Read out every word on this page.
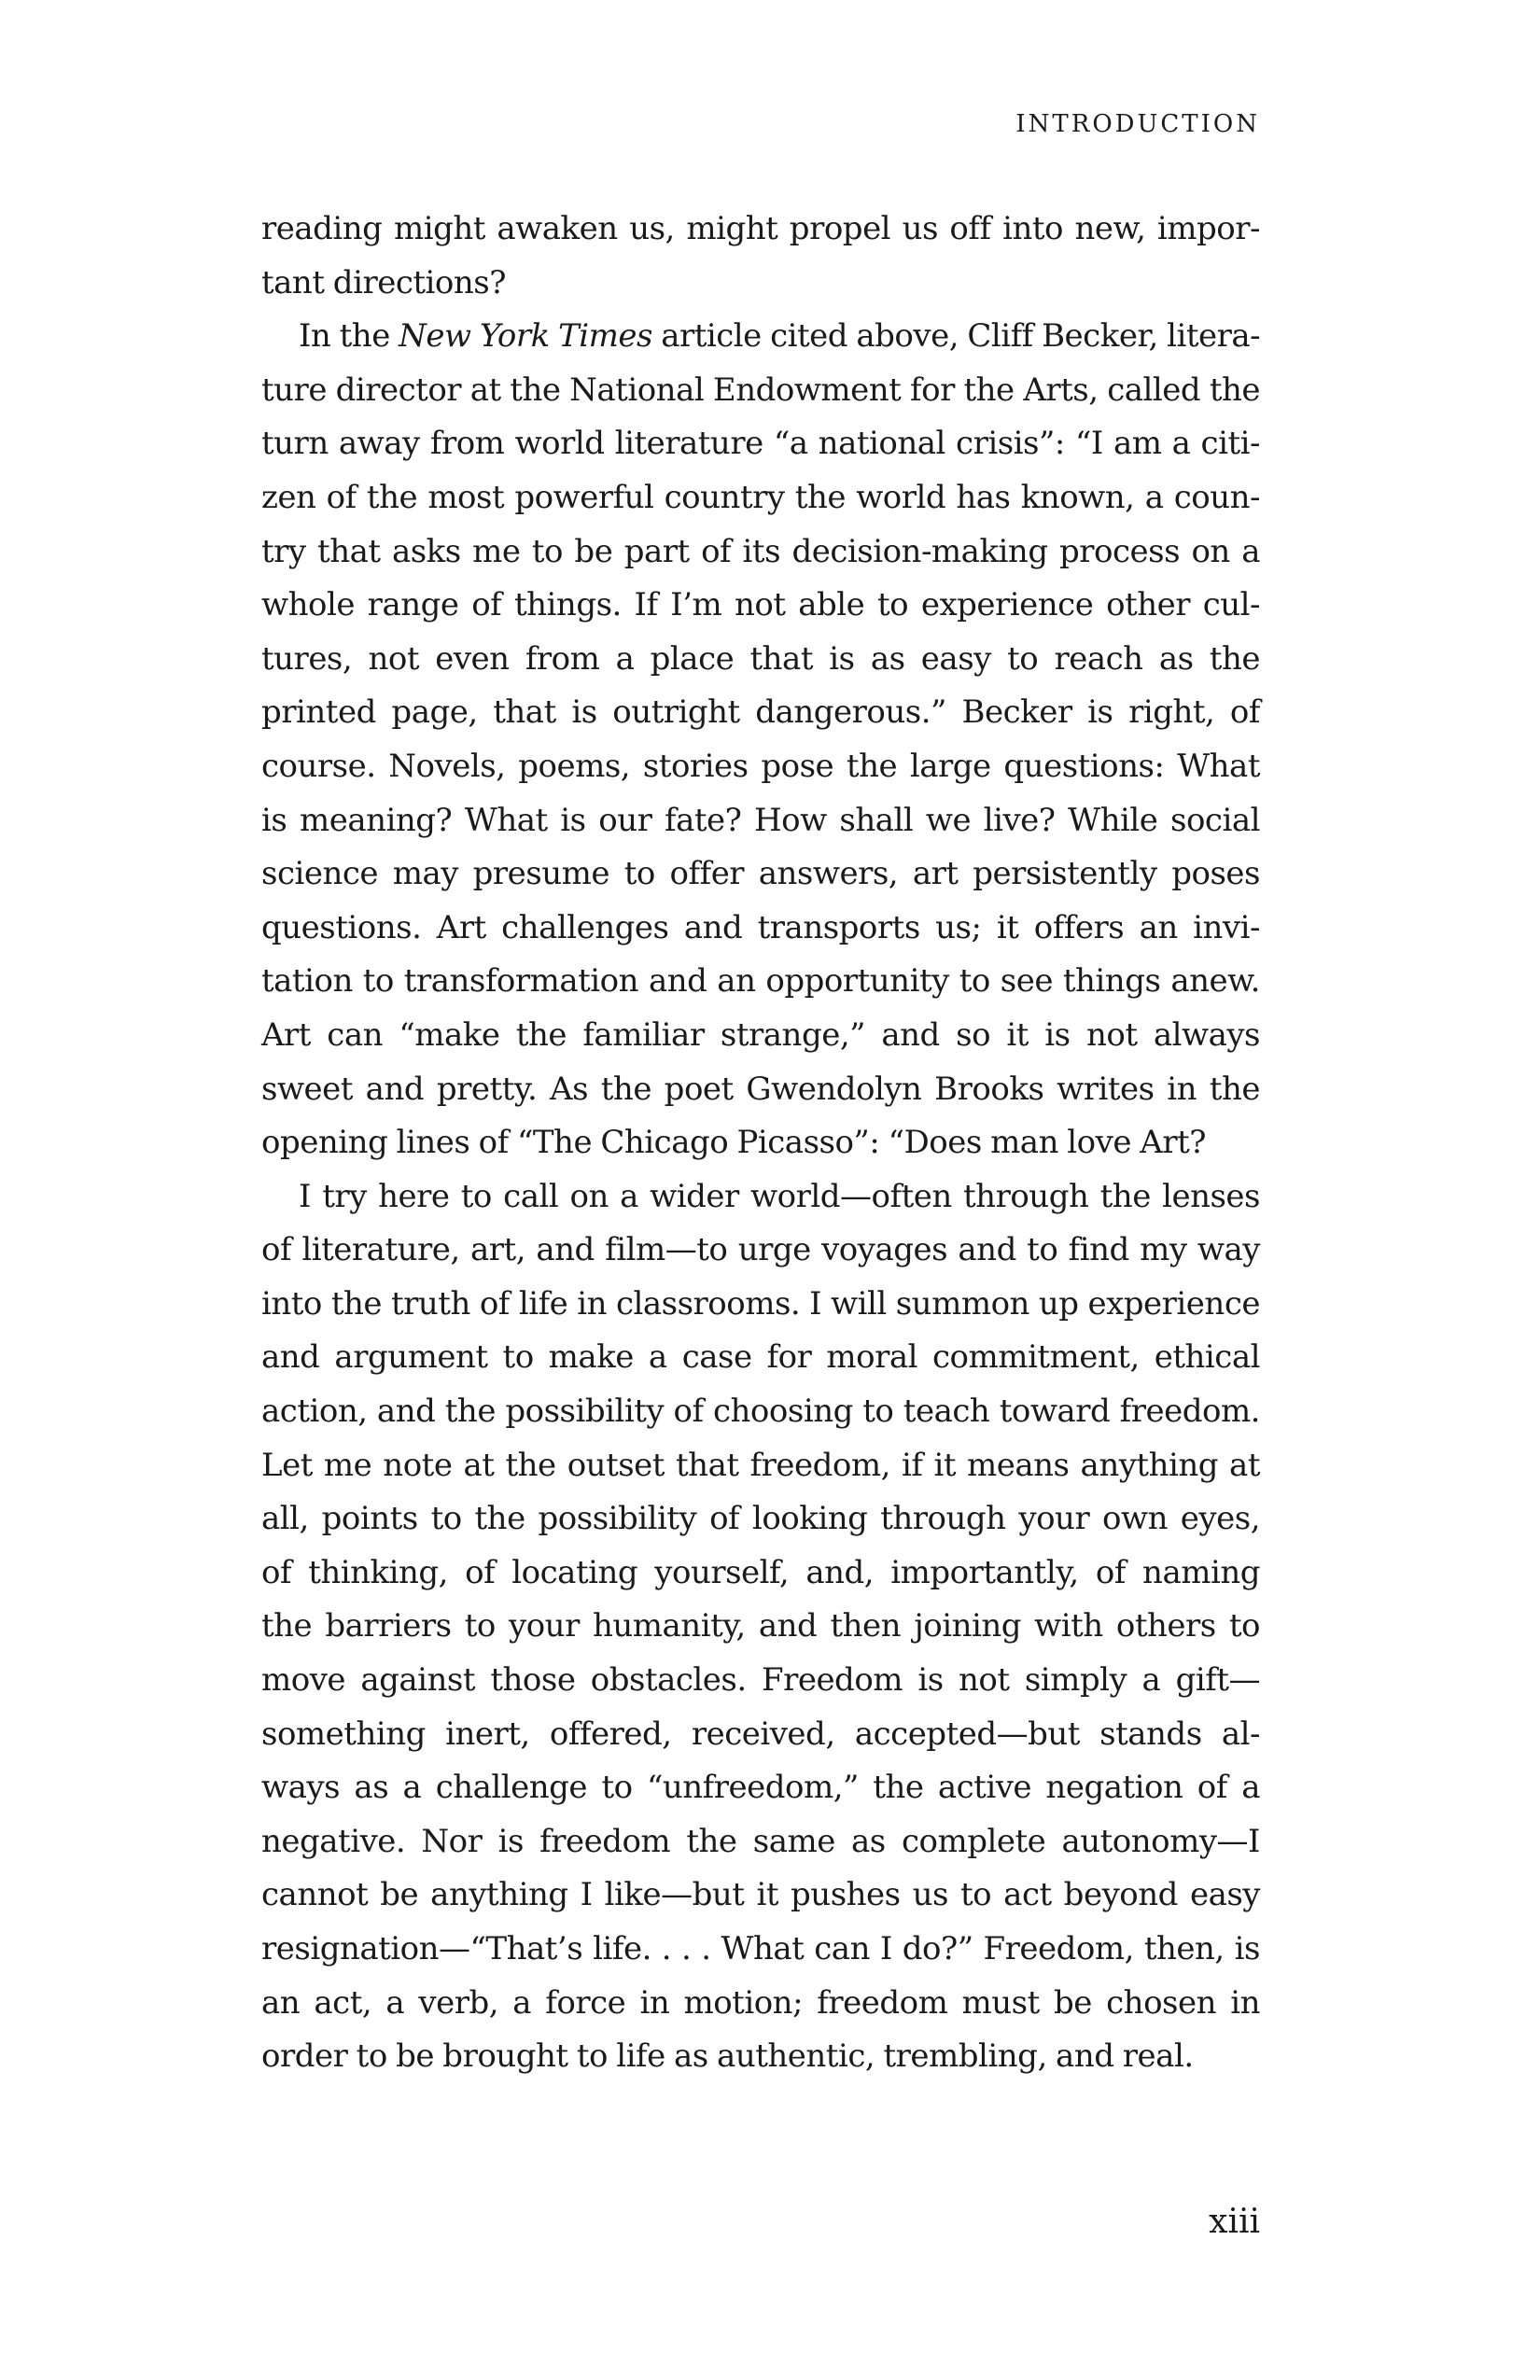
INTRODUCTION
reading might awaken us, might propel us off into new, impor-
tant directions?
In the New York Times article cited above, Cliff Becker, litera-
ture director at the National Endowment for the Arts, called the
turn away from world literature “a national crisis”: “I am a citi-
zen of the most powerful country the world has known, a coun-
try that asks me to be part of its decision-making process on a
whole range of things. If I’m not able to experience other cul-
tures, not even from a place that is as easy to reach as the
printed page, that is outright dangerous.” Becker is right, of
course. Novels, poems, stories pose the large questions: What
is meaning? What is our fate? How shall we live? While social
science may presume to offer answers, art persistently poses
questions. Art challenges and transports us; it offers an invi-
tation to transformation and an opportunity to see things anew.
Art can “make the familiar strange,” and so it is not always
sweet and pretty. As the poet Gwendolyn Brooks writes in the
opening lines of “The Chicago Picasso”: “Does man love Art?
I try here to call on a wider world—often through the lenses
of literature, art, and film—to urge voyages and to find my way
into the truth of life in classrooms. I will summon up experience
and argument to make a case for moral commitment, ethical
action, and the possibility of choosing to teach toward freedom.
Let me note at the outset that freedom, if it means anything at
all, points to the possibility of looking through your own eyes,
of thinking, of locating yourself, and, importantly, of naming
the barriers to your humanity, and then joining with others to
move against those obstacles. Freedom is not simply a gift—
something inert, offered, received, accepted—but stands al-
ways as a challenge to “unfreedom,” the active negation of a
negative. Nor is freedom the same as complete autonomy—I
cannot be anything I like—but it pushes us to act beyond easy
resignation—“That’s life. . . . What can I do?” Freedom, then, is
an act, a verb, a force in motion; freedom must be chosen in
order to be brought to life as authentic, trembling, and real.
xiii
